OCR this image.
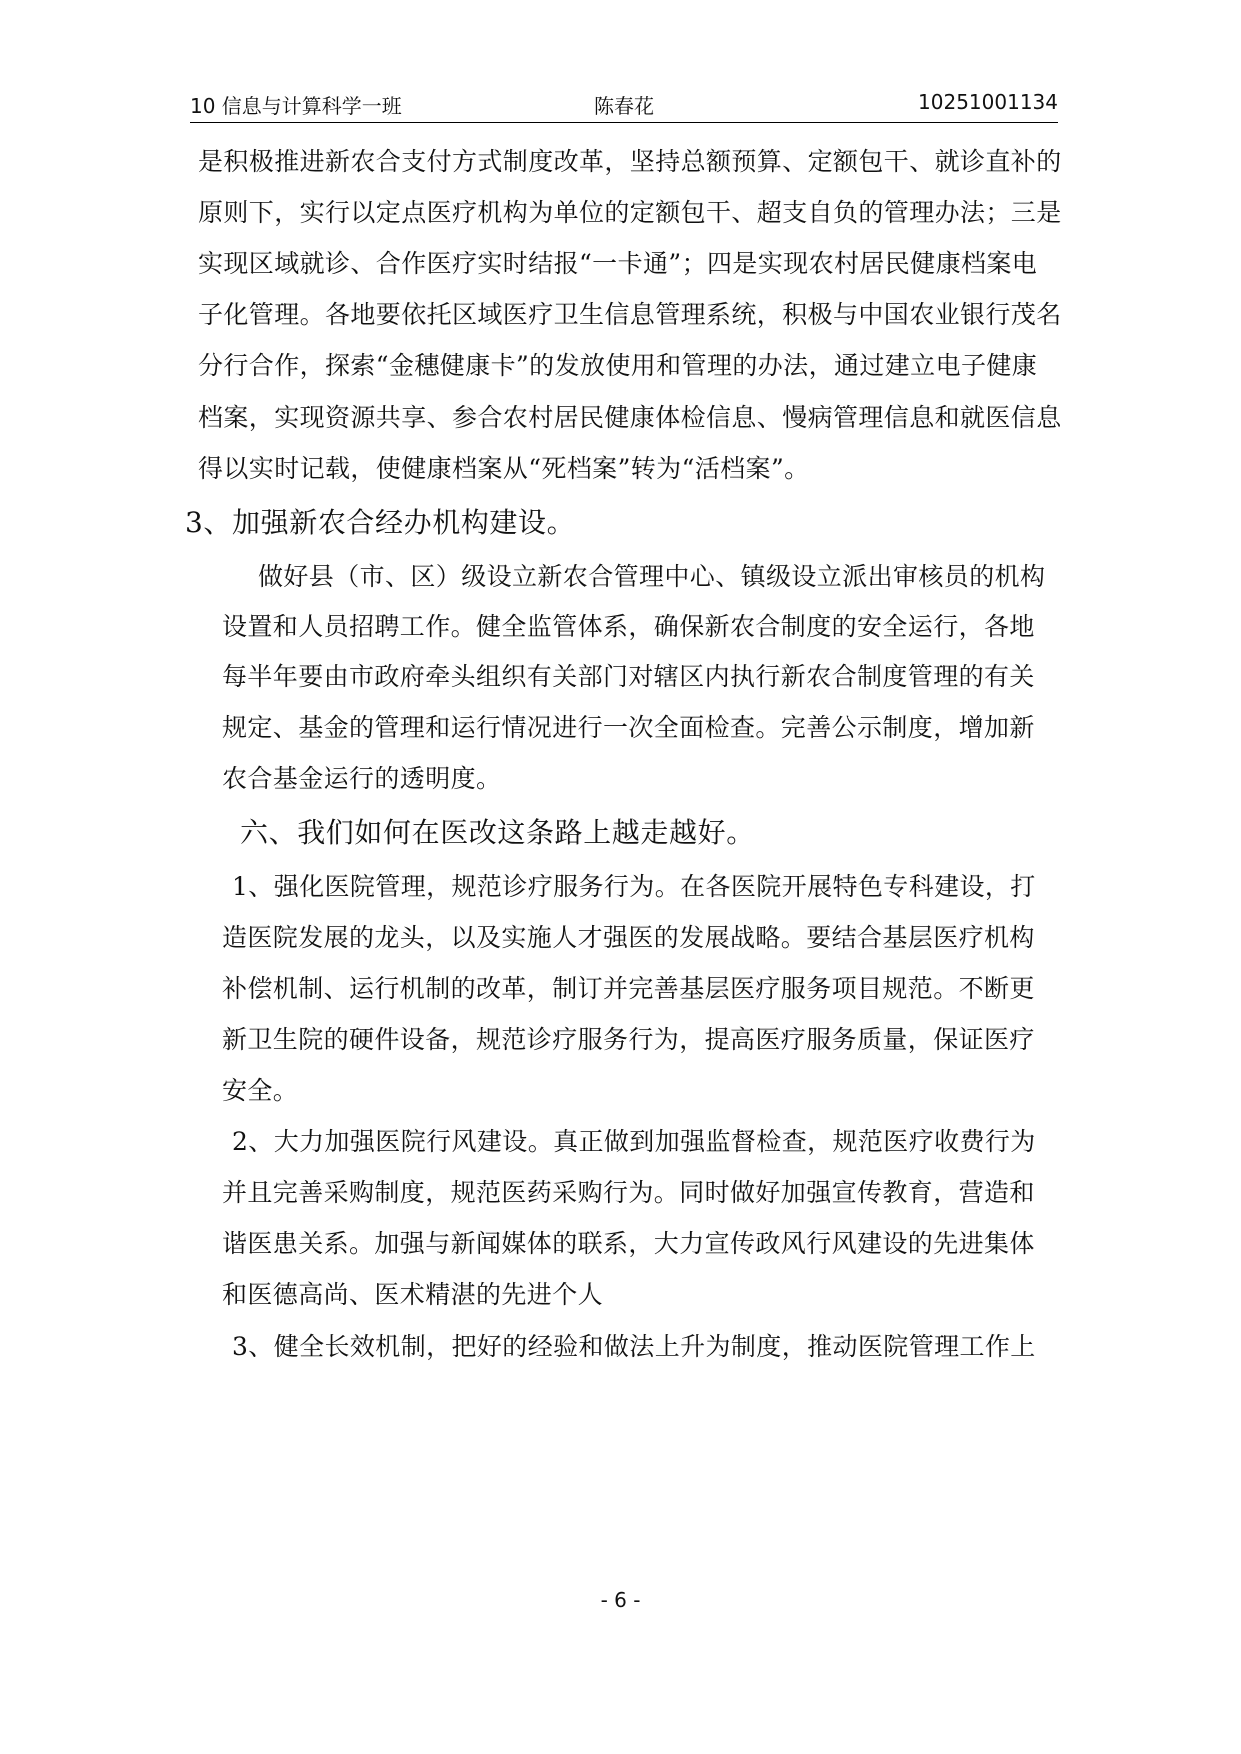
10 信息与计算科学一班	陈春花	10251001134
是积极推进新农合支付方式制度改革，坚持总额预算、定额包干、就诊直补的
原则下，实行以定点医疗机构为单位的定额包干、超支自负的管理办法；三是
实现区域就诊、合作医疗实时结报“一卡通”；四是实现农村居民健康档案电
子化管理。各地要依托区域医疗卫生信息管理系统，积极与中国农业银行茂名
分行合作，探索“金穗健康卡”的发放使用和管理的办法，通过建立电子健康
档案，实现资源共享、参合农村居民健康体检信息、慢病管理信息和就医信息
得以实时记载，使健康档案从“死档案”转为“活档案”。
3、加强新农合经办机构建设。
做好县（市、区）级设立新农合管理中心、镇级设立派出审核员的机构
设置和人员招聘工作。健全监管体系，确保新农合制度的安全运行，各地
每半年要由市政府牵头组织有关部门对辖区内执行新农合制度管理的有关
规定、基金的管理和运行情况进行一次全面检查。完善公示制度，增加新
农合基金运行的透明度。
六、我们如何在医改这条路上越走越好。
1、强化医院管理，规范诊疗服务行为。在各医院开展特色专科建设，打
造医院发展的龙头，以及实施人才强医的发展战略。要结合基层医疗机构
补偿机制、运行机制的改革，制订并完善基层医疗服务项目规范。不断更
新卫生院的硬件设备，规范诊疗服务行为，提高医疗服务质量，保证医疗
安全。
2、大力加强医院行风建设。真正做到加强监督检查，规范医疗收费行为
并且完善采购制度，规范医药采购行为。同时做好加强宣传教育，营造和
谐医患关系。加强与新闻媒体的联系，大力宣传政风行风建设的先进集体
和医德高尚、医术精湛的先进个人
3、健全长效机制，把好的经验和做法上升为制度，推动医院管理工作上
- 6 -
